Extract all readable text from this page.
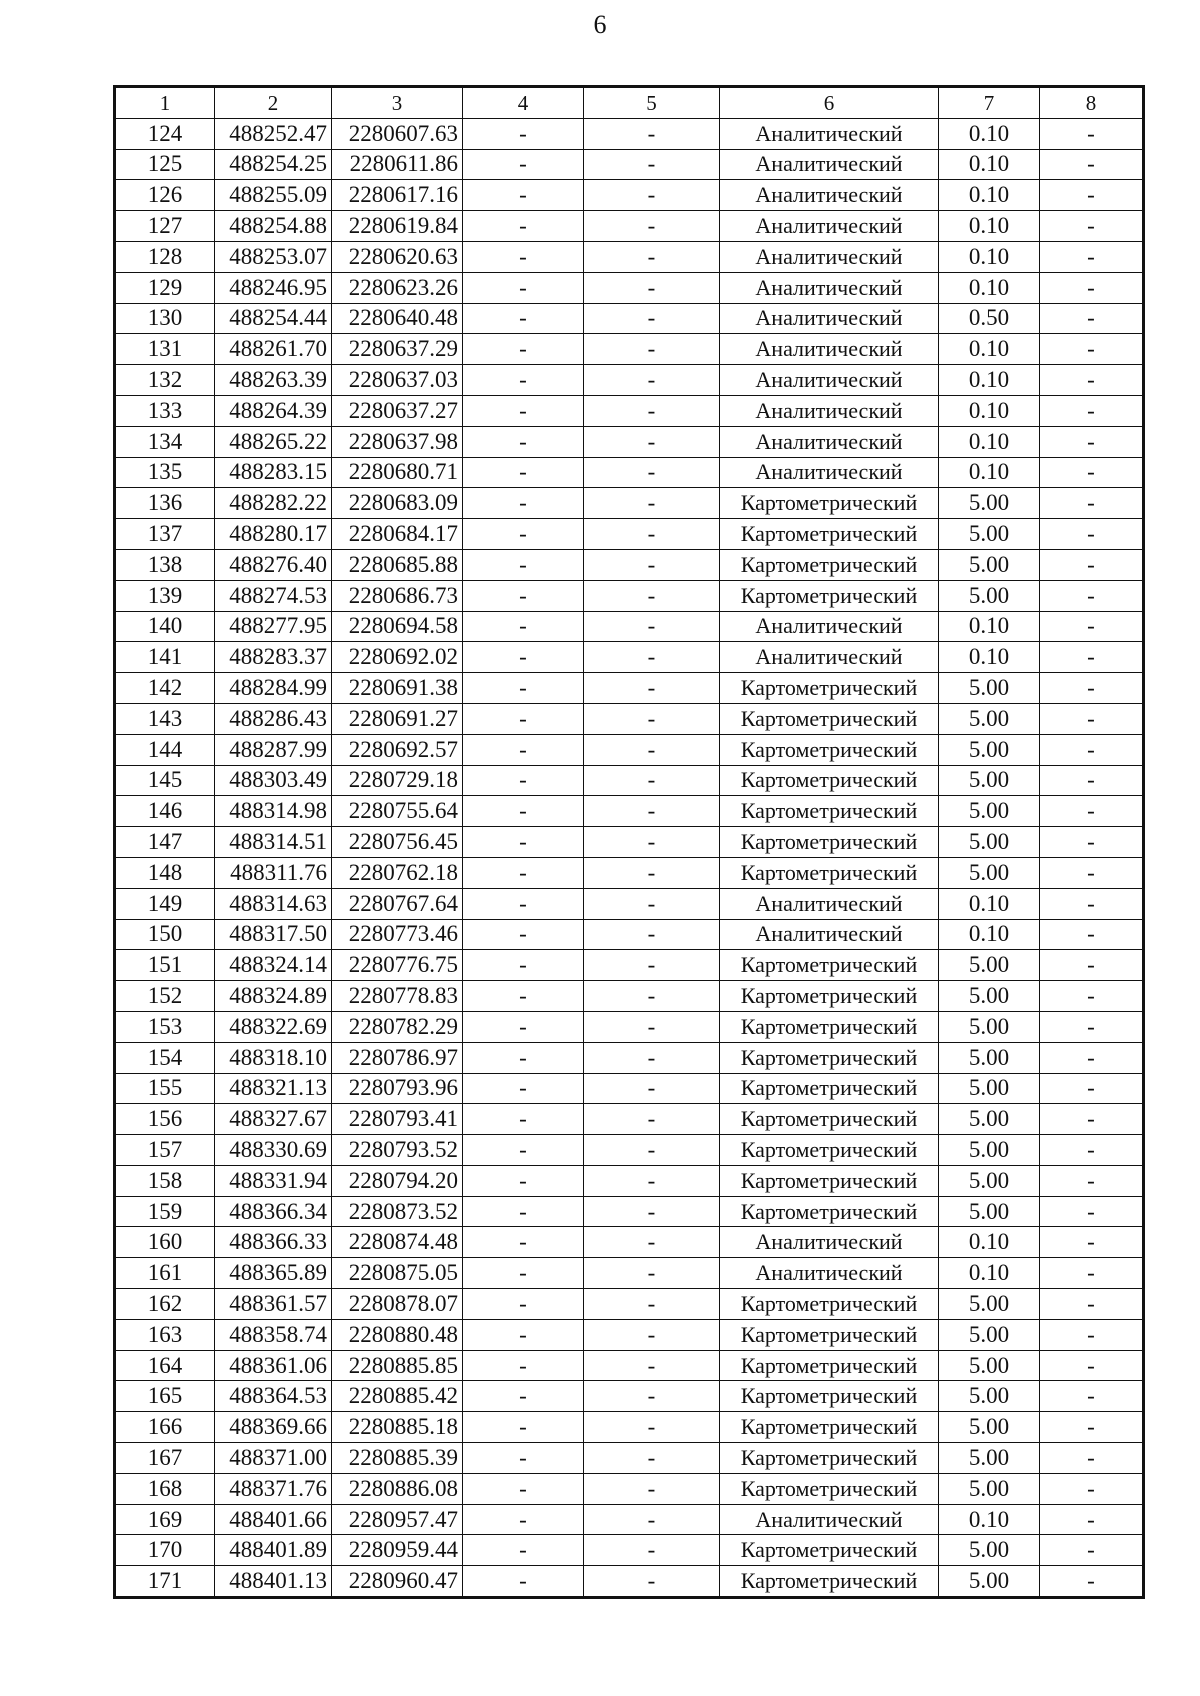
6
1	2	3	4	5	6	7	8
124	488252.47	2280607.63	-	-	Аналитический	0.10	-
125	488254.25	2280611.86	-	-	Аналитический	0.10	-
126	488255.09	2280617.16	-	-	Аналитический	0.10	-
127	488254.88	2280619.84	-	-	Аналитический	0.10	-
128	488253.07	2280620.63	-	-	Аналитический	0.10	-
129	488246.95	2280623.26	-	-	Аналитический	0.10	-
130	488254.44	2280640.48	-	-	Аналитический	0.50	-
131	488261.70	2280637.29	-	-	Аналитический	0.10	-
132	488263.39	2280637.03	-	-	Аналитический	0.10	-
133	488264.39	2280637.27	-	-	Аналитический	0.10	-
134	488265.22	2280637.98	-	-	Аналитический	0.10	-
135	488283.15	2280680.71	-	-	Аналитический	0.10	-
136	488282.22	2280683.09	-	-	Картометрический	5.00	-
137	488280.17	2280684.17	-	-	Картометрический	5.00	-
138	488276.40	2280685.88	-	-	Картометрический	5.00	-
139	488274.53	2280686.73	-	-	Картометрический	5.00	-
140	488277.95	2280694.58	-	-	Аналитический	0.10	-
141	488283.37	2280692.02	-	-	Аналитический	0.10	-
142	488284.99	2280691.38	-	-	Картометрический	5.00	-
143	488286.43	2280691.27	-	-	Картометрический	5.00	-
144	488287.99	2280692.57	-	-	Картометрический	5.00	-
145	488303.49	2280729.18	-	-	Картометрический	5.00	-
146	488314.98	2280755.64	-	-	Картометрический	5.00	-
147	488314.51	2280756.45	-	-	Картометрический	5.00	-
148	488311.76	2280762.18	-	-	Картометрический	5.00	-
149	488314.63	2280767.64	-	-	Аналитический	0.10	-
150	488317.50	2280773.46	-	-	Аналитический	0.10	-
151	488324.14	2280776.75	-	-	Картометрический	5.00	-
152	488324.89	2280778.83	-	-	Картометрический	5.00	-
153	488322.69	2280782.29	-	-	Картометрический	5.00	-
154	488318.10	2280786.97	-	-	Картометрический	5.00	-
155	488321.13	2280793.96	-	-	Картометрический	5.00	-
156	488327.67	2280793.41	-	-	Картометрический	5.00	-
157	488330.69	2280793.52	-	-	Картометрический	5.00	-
158	488331.94	2280794.20	-	-	Картометрический	5.00	-
159	488366.34	2280873.52	-	-	Картометрический	5.00	-
160	488366.33	2280874.48	-	-	Аналитический	0.10	-
161	488365.89	2280875.05	-	-	Аналитический	0.10	-
162	488361.57	2280878.07	-	-	Картометрический	5.00	-
163	488358.74	2280880.48	-	-	Картометрический	5.00	-
164	488361.06	2280885.85	-	-	Картометрический	5.00	-
165	488364.53	2280885.42	-	-	Картометрический	5.00	-
166	488369.66	2280885.18	-	-	Картометрический	5.00	-
167	488371.00	2280885.39	-	-	Картометрический	5.00	-
168	488371.76	2280886.08	-	-	Картометрический	5.00	-
169	488401.66	2280957.47	-	-	Аналитический	0.10	-
170	488401.89	2280959.44	-	-	Картометрический	5.00	-
171	488401.13	2280960.47	-	-	Картометрический	5.00	-
